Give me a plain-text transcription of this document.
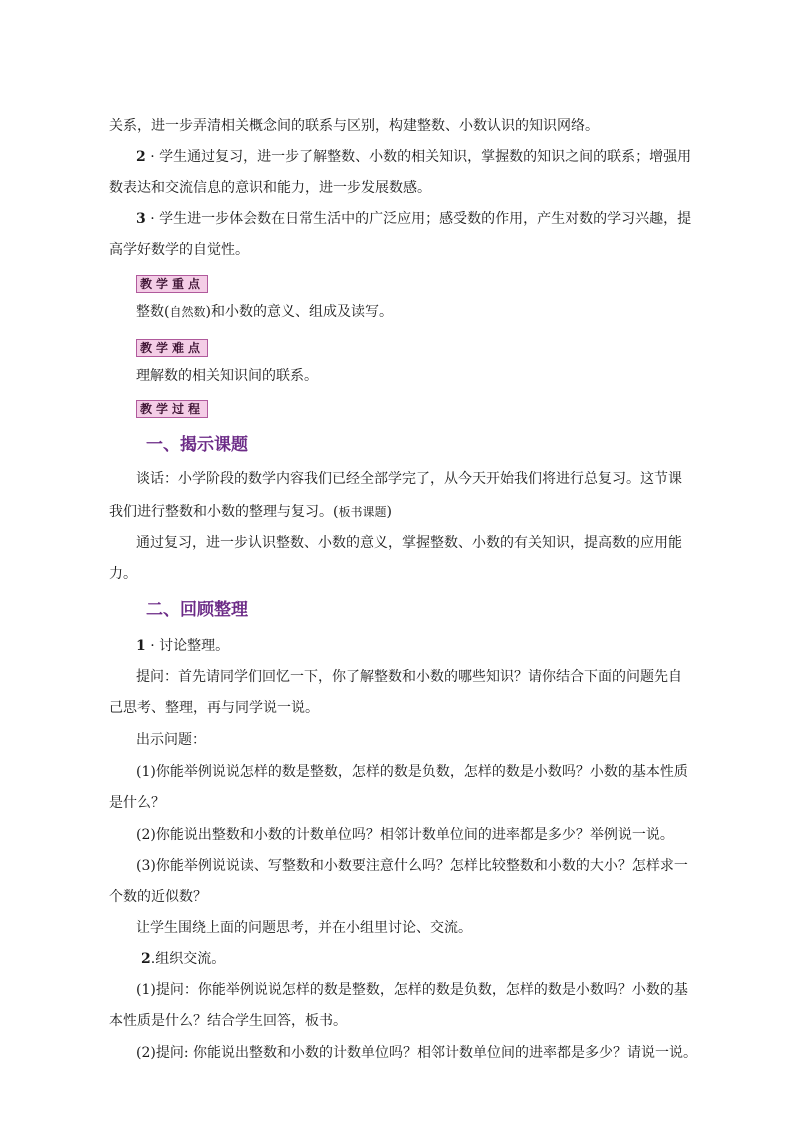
关系，进一步弄清相关概念间的联系与区别，构建整数、小数认识的知识网络。

2 · 学生通过复习，进一步了解整数、小数的相关知识，掌握数的知识之间的联系；增强用

数表达和交流信息的意识和能力，进一步发展数感。

3 · 学生进一步体会数在日常生活中的广泛应用；感受数的作用，产生对数的学习兴趣，提

高学好数学的自觉性。

教学重点

整数(自然数)和小数的意义、组成及读写。

教学难点

理解数的相关知识间的联系。

教学过程
一、揭示课题

谈话：小学阶段的数学内容我们已经全部学完了，从今天开始我们将进行总复习。这节课

我们进行整数和小数的整理与复习。(板书课题)

通过复习，进一步认识整数、小数的意义，掌握整数、小数的有关知识，提高数的应用能

力。

二、回顾整理

1 · 讨论整理。

提问：首先请同学们回忆一下，你了解整数和小数的哪些知识？请你结合下面的问题先自

己思考、整理，再与同学说一说。

出示问题：

(1)你能举例说说怎样的数是整数，怎样的数是负数，怎样的数是小数吗？小数的基本性质

是什么？

(2)你能说出整数和小数的计数单位吗？相邻计数单位间的进率都是多少？举例说一说。

(3)你能举例说说读、写整数和小数要注意什么吗？怎样比较整数和小数的大小？怎样求一

个数的近似数？

让学生围绕上面的问题思考，并在小组里讨论、交流。

2.组织交流。

(1)提问：你能举例说说怎样的数是整数，怎样的数是负数，怎样的数是小数吗？小数的基

本性质是什么？结合学生回答，板书。

(2)提问: 你能说出整数和小数的计数单位吗？相邻计数单位间的进率都是多少？请说一说。
